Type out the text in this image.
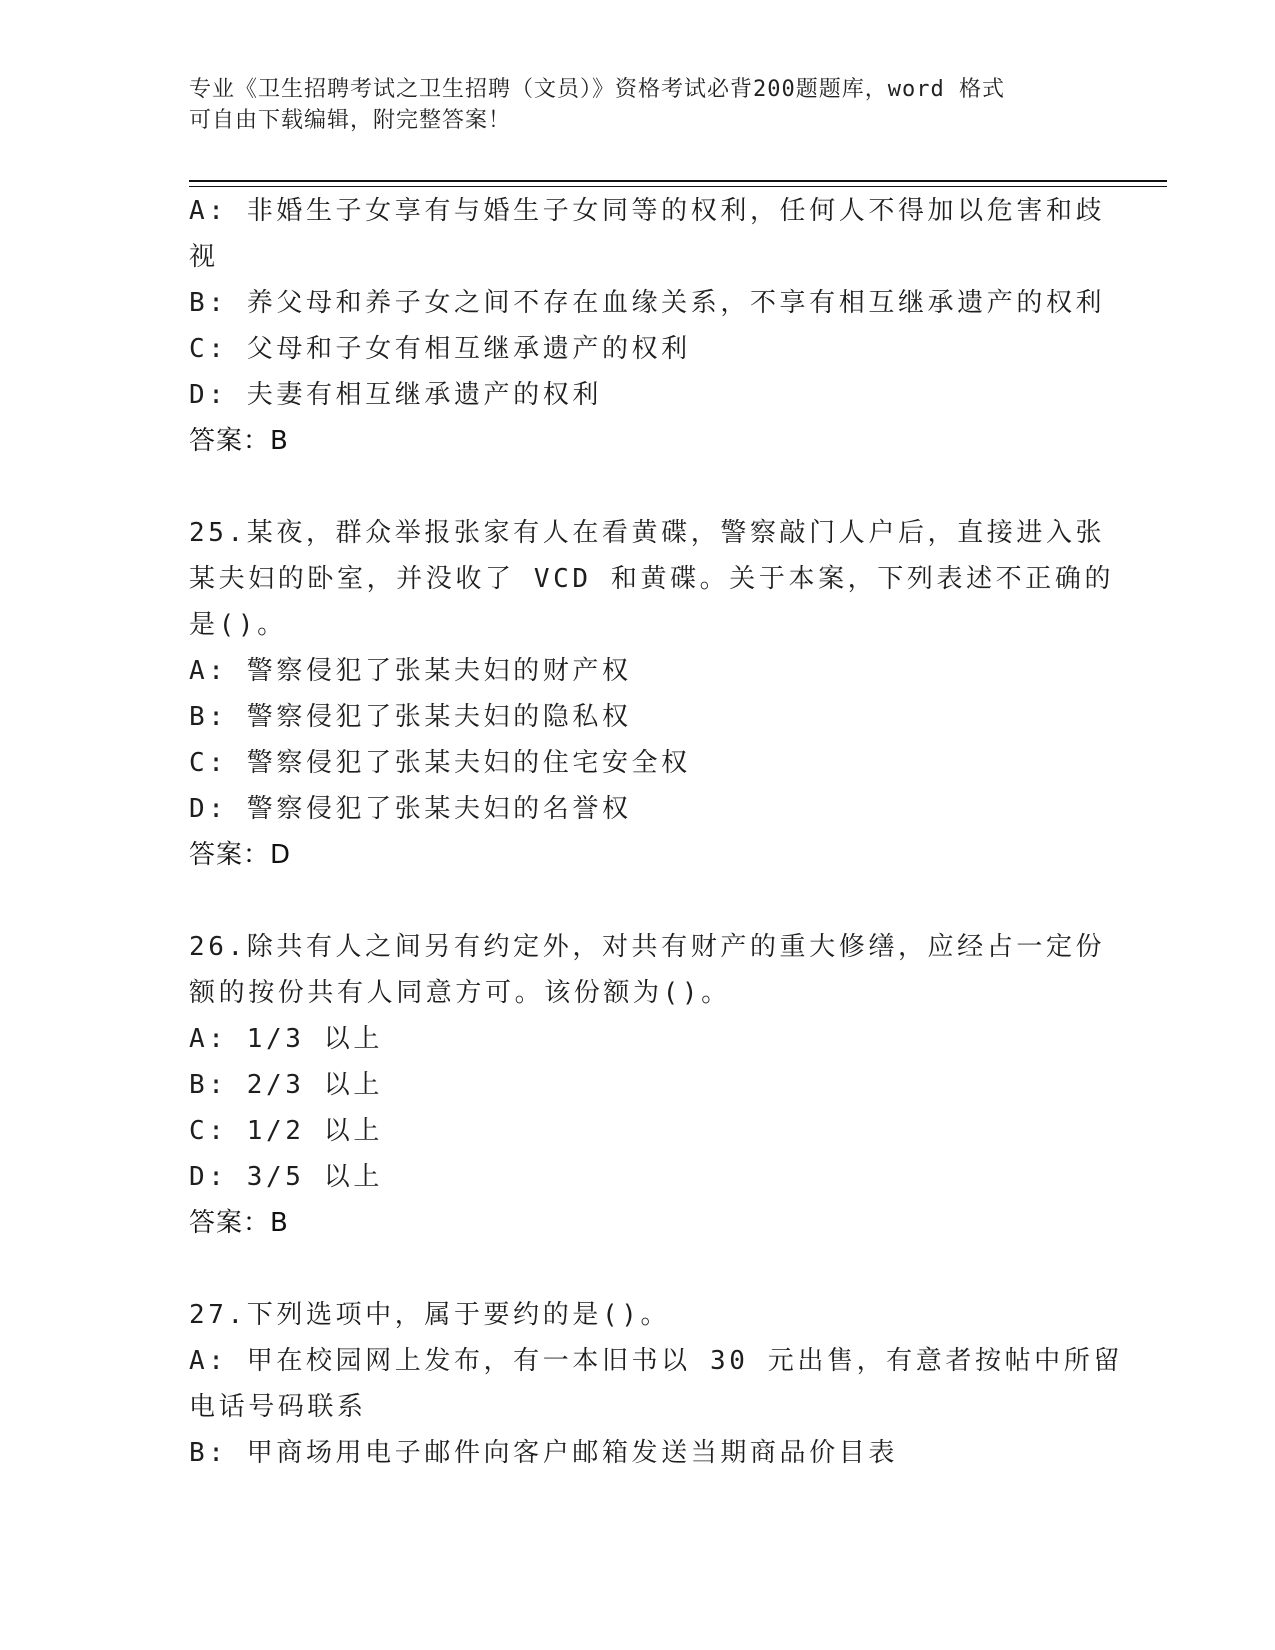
专业《卫生招聘考试之卫生招聘（文员）》资格考试必背200题题库，word 格式
可自由下载编辑，附完整答案！
A: 非婚生子女享有与婚生子女同等的权利，任何人不得加以危害和歧
视
B: 养父母和养子女之间不存在血缘关系，不享有相互继承遗产的权利
C: 父母和子女有相互继承遗产的权利
D: 夫妻有相互继承遗产的权利
答案：B
25.某夜，群众举报张家有人在看黄碟，警察敲门人户后，直接进入张
某夫妇的卧室，并没收了 VCD 和黄碟。关于本案，下列表述不正确的
是()。
A: 警察侵犯了张某夫妇的财产权
B: 警察侵犯了张某夫妇的隐私权
C: 警察侵犯了张某夫妇的住宅安全权
D: 警察侵犯了张某夫妇的名誉权
答案：D
26.除共有人之间另有约定外，对共有财产的重大修缮，应经占一定份
额的按份共有人同意方可。该份额为()。
A: 1/3 以上
B: 2/3 以上
C: 1/2 以上
D: 3/5 以上
答案：B
27.下列选项中，属于要约的是()。
A: 甲在校园网上发布，有一本旧书以 30 元出售，有意者按帖中所留
电话号码联系
B: 甲商场用电子邮件向客户邮箱发送当期商品价目表
